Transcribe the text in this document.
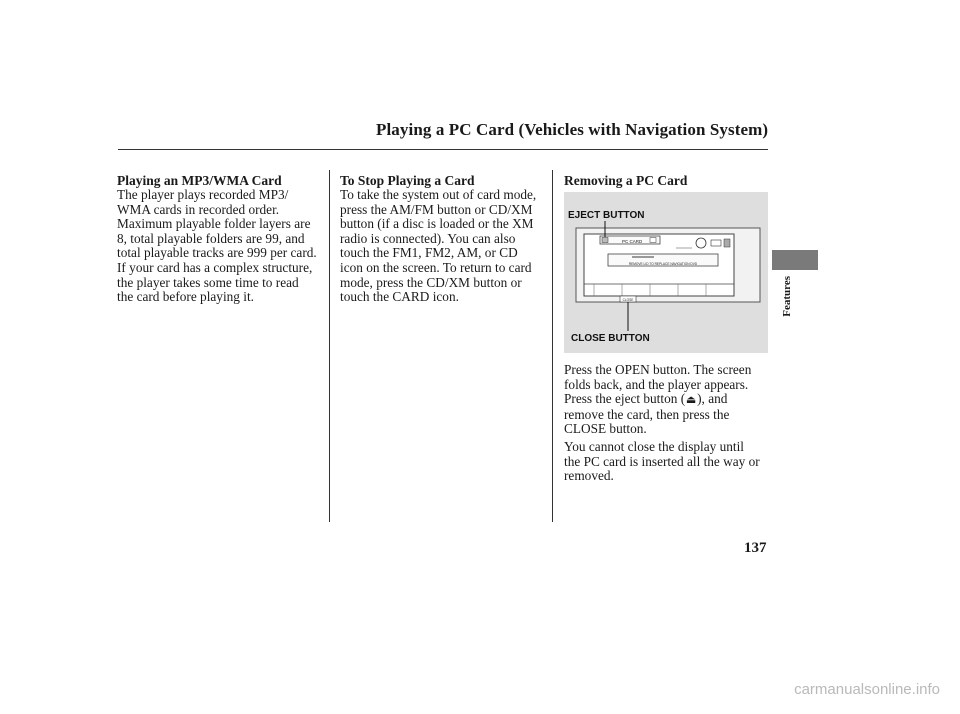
Playing a PC Card (Vehicles with Navigation System)
Playing an MP3/WMA Card
The player plays recorded MP3/
WMA cards in recorded order.
Maximum playable folder layers are
8, total playable folders are 99, and
total playable tracks are 999 per card.
If your card has a complex structure,
the player takes some time to read
the card before playing it.
To Stop Playing a Card
To take the system out of card mode,
press the AM/FM button or CD/XM
button (if a disc is loaded or the XM
radio is connected). You can also
touch the FM1, FM2, AM, or CD
icon on the screen. To return to card
mode, press the CD/XM button or
touch the CARD icon.
Removing a PC Card
PC CARD
REMOVE LID TO REPLACE NAVIGATION DVD
CLOSE
EJECT BUTTON
CLOSE BUTTON
Press the OPEN button. The screen
folds back, and the player appears.
Press the eject button (⏏), and
remove the card, then press the
CLOSE button.
You cannot close the display until
the PC card is inserted all the way or
removed.
Features
137
carmanualsonline.info
